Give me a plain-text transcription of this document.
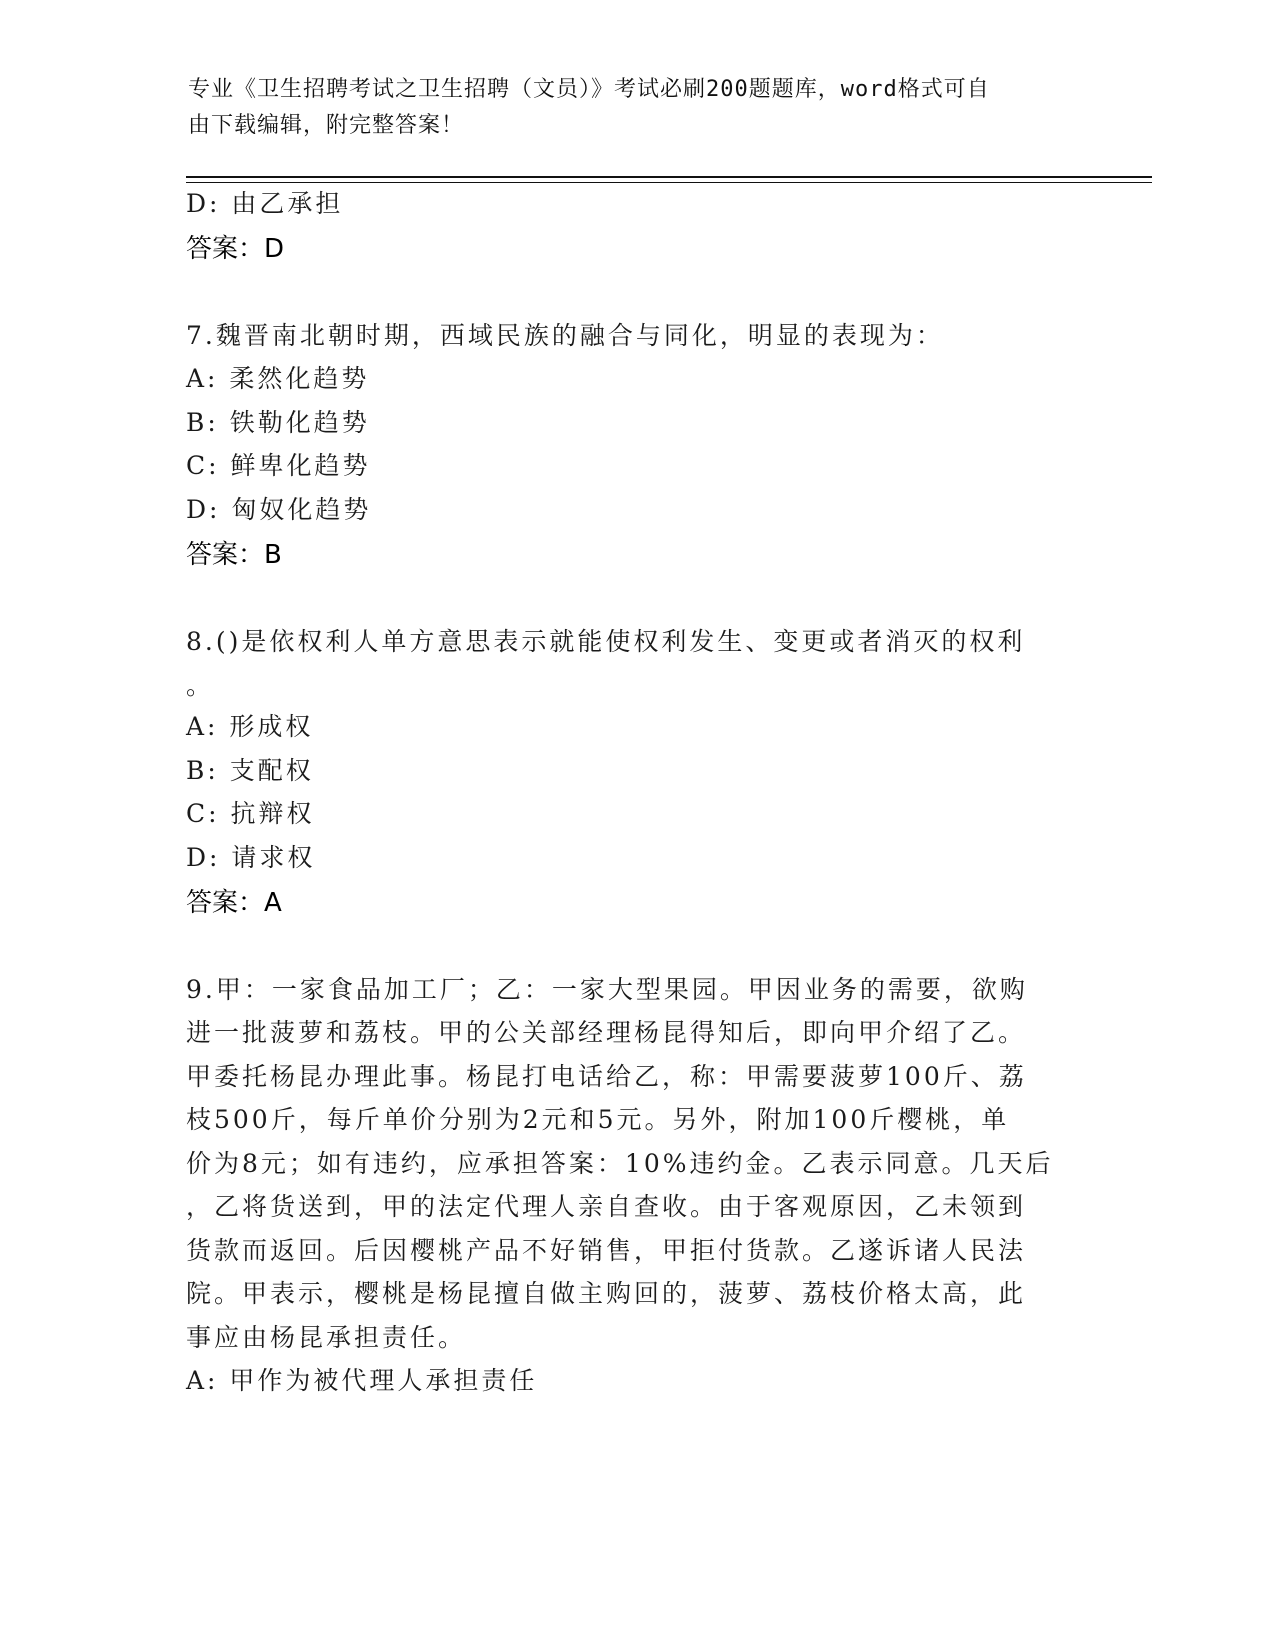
专业《卫生招聘考试之卫生招聘（文员）》考试必刷200题题库，word格式可自
由下载编辑，附完整答案！
D: 由乙承担
答案：D
7.魏晋南北朝时期，西域民族的融合与同化，明显的表现为：
A: 柔然化趋势
B: 铁勒化趋势
C: 鲜卑化趋势
D: 匈奴化趋势
答案：B
8.()是依权利人单方意思表示就能使权利发生、变更或者消灭的权利
。
A: 形成权
B: 支配权
C: 抗辩权
D: 请求权
答案：A
9.甲：一家食品加工厂；乙：一家大型果园。甲因业务的需要，欲购
进一批菠萝和荔枝。甲的公关部经理杨昆得知后，即向甲介绍了乙。
甲委托杨昆办理此事。杨昆打电话给乙，称：甲需要菠萝100斤、荔
枝500斤，每斤单价分别为2元和5元。另外，附加100斤樱桃，单
价为8元；如有违约，应承担答案：10%违约金。乙表示同意。几天后
，乙将货送到，甲的法定代理人亲自查收。由于客观原因，乙未领到
货款而返回。后因樱桃产品不好销售，甲拒付货款。乙遂诉诸人民法
院。甲表示，樱桃是杨昆擅自做主购回的，菠萝、荔枝价格太高，此
事应由杨昆承担责任。
A: 甲作为被代理人承担责任
